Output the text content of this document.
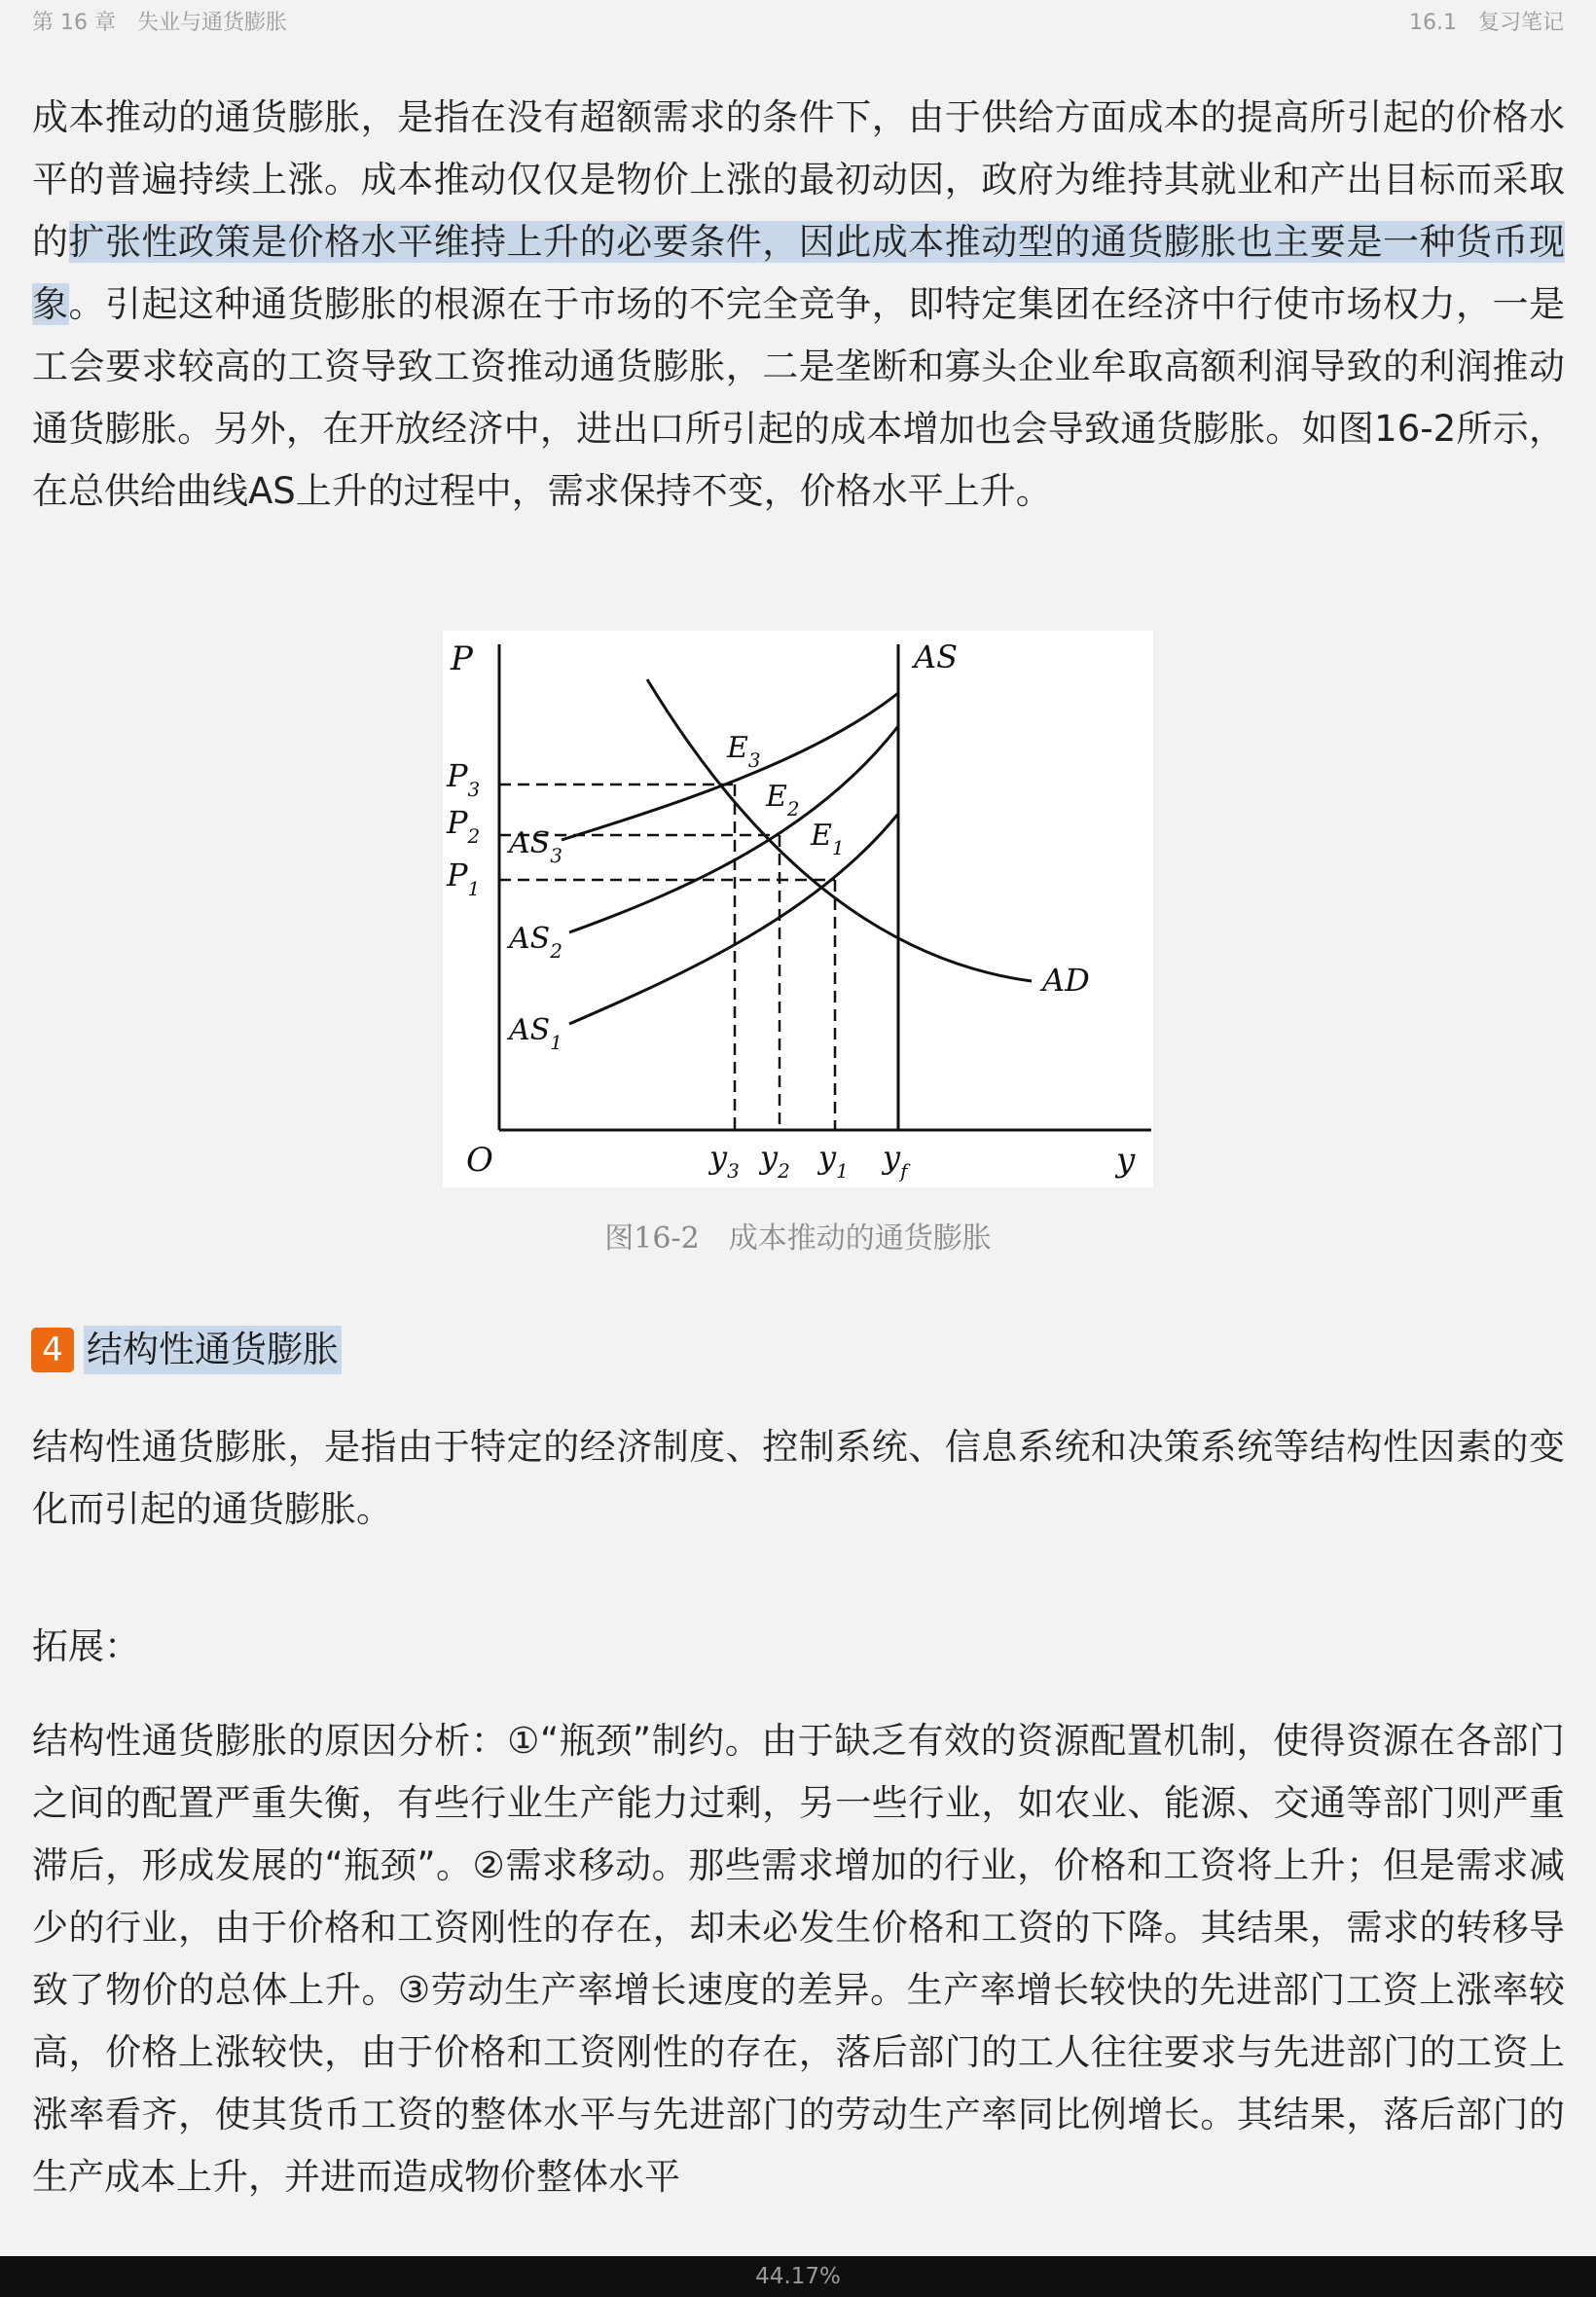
第 16 章 失业与通货膨胀	16.1 复习笔记

成本推动的通货膨胀，是指在没有超额需求的条件下，由于供给方面成本的提高所引起的价格水平的普遍持续上涨。成本推动仅仅是物价上涨的最初动因，政府为维持其就业和产出目标而采取的扩张性政策是价格水平维持上升的必要条件，因此成本推动型的通货膨胀也主要是一种货币现象。引起这种通货膨胀的根源在于市场的不完全竞争，即特定集团在经济中行使市场权力，一是工会要求较高的工资导致工资推动通货膨胀，二是垄断和寡头企业牟取高额利润导致的利润推动通货膨胀。另外，在开放经济中，进出口所引起的成本增加也会导致通货膨胀。如图16-2所示，在总供给曲线AS上升的过程中，需求保持不变，价格水平上升。

P
y
O
AS
AD
$P_3$
$P_2$
$P_1$
$y_3$ $y_2$ $y_1$ $y_f$
$E_3$
$E_2$
$E_1$
$AS_3$
$AS_2$
$AS_1$
图16-2 成本推动的通货膨胀
4 结构性通货膨胀

结构性通货膨胀，是指由于特定的经济制度、控制系统、信息系统和决策系统等结构性因素的变化而引起的通货膨胀。

拓展：

结构性通货膨胀的原因分析：①“瓶颈”制约。由于缺乏有效的资源配置机制，使得资源在各部门之间的配置严重失衡，有些行业生产能力过剩，另一些行业，如农业、能源、交通等部门则严重滞后，形成发展的“瓶颈”。②需求移动。那些需求增加的行业，价格和工资将上升；但是需求减少的行业，由于价格和工资刚性的存在，却未必发生价格和工资的下降。其结果，需求的转移导致了物价的总体上升。③劳动生产率增长速度的差异。生产率增长较快的先进部门工资上涨率较高，价格上涨较快，由于价格和工资刚性的存在，落后部门的工人往往要求与先进部门的工资上涨率看齐，使其货币工资的整体水平与先进部门的劳动生产率同比例增长。其结果，落后部门的生产成本上升，并进而造成物价整体水平

44.17%
